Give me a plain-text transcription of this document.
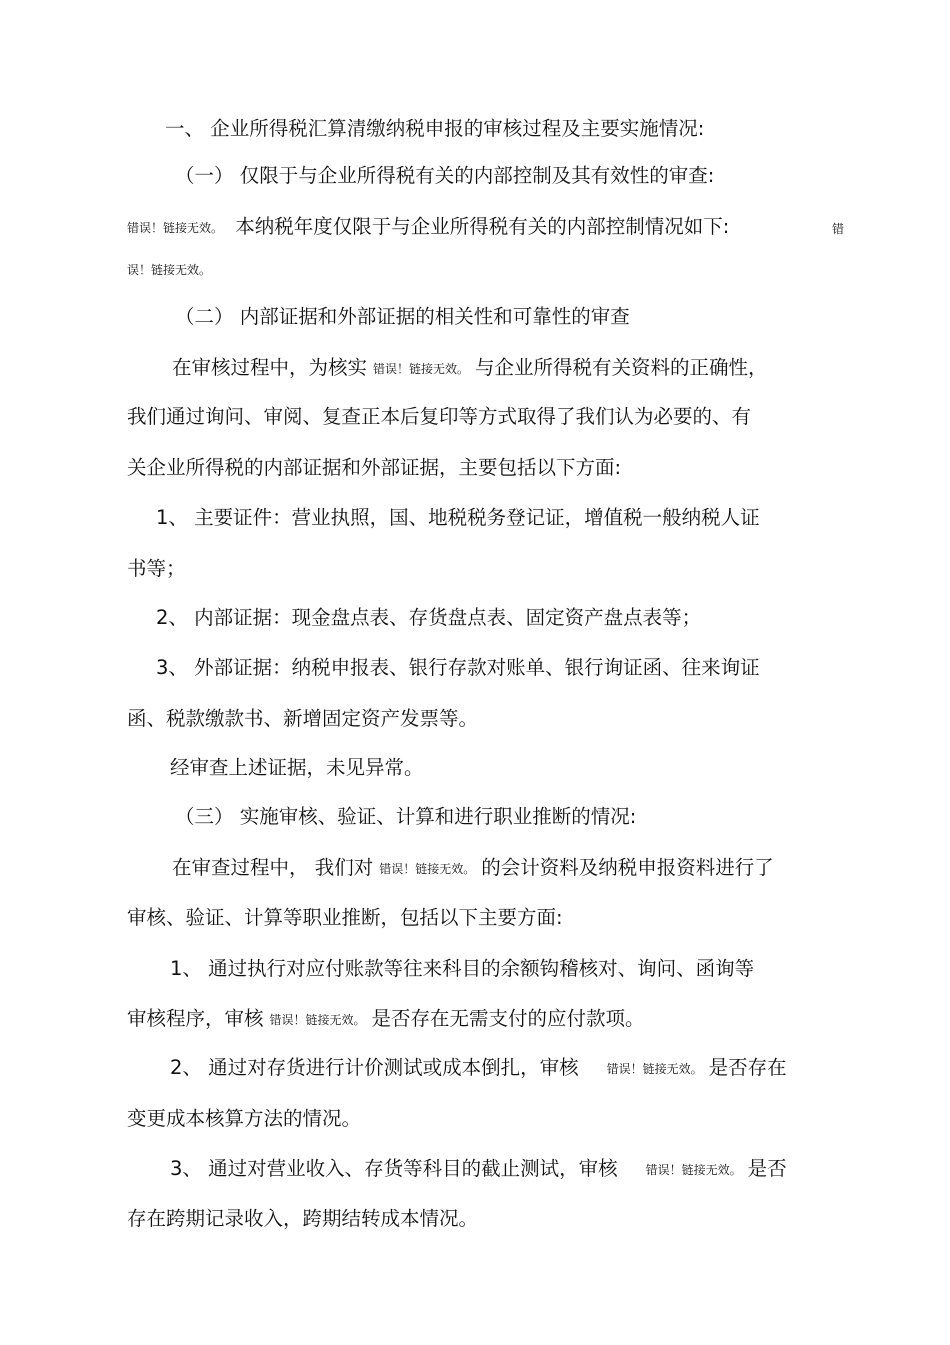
一、 企业所得税汇算清缴纳税申报的审核过程及主要实施情况:
（一） 仅限于与企业所得税有关的内部控制及其有效性的审查:
错误！链接无效。 本纳税年度仅限于与企业所得税有关的内部控制情况如下:	错
误！链接无效。
（二） 内部证据和外部证据的相关性和可靠性的审查
在审核过程中，为核实 错误！链接无效。 与企业所得税有关资料的正确性，
我们通过询问、审阅、复查正本后复印等方式取得了我们认为必要的、有
关企业所得税的内部证据和外部证据，主要包括以下方面:
1、 主要证件：营业执照，国、地税税务登记证，增值税一般纳税人证
书等；
2、 内部证据：现金盘点表、存货盘点表、固定资产盘点表等；
3、 外部证据：纳税申报表、银行存款对账单、银行询证函、往来询证
函、税款缴款书、新增固定资产发票等。
经审查上述证据，未见异常。
（三） 实施审核、验证、计算和进行职业推断的情况:
在审查过程中， 我们对 错误！链接无效。 的会计资料及纳税申报资料进行了
审核、验证、计算等职业推断，包括以下主要方面:
1、 通过执行对应付账款等往来科目的余额钩稽核对、询问、函询等
审核程序，审核 错误！链接无效。 是否存在无需支付的应付款项。
2、 通过对存货进行计价测试或成本倒扎，审核 错误！链接无效。 是否存在
变更成本核算方法的情况。
3、 通过对营业收入、存货等科目的截止测试，审核 错误！链接无效。 是否
存在跨期记录收入，跨期结转成本情况。
